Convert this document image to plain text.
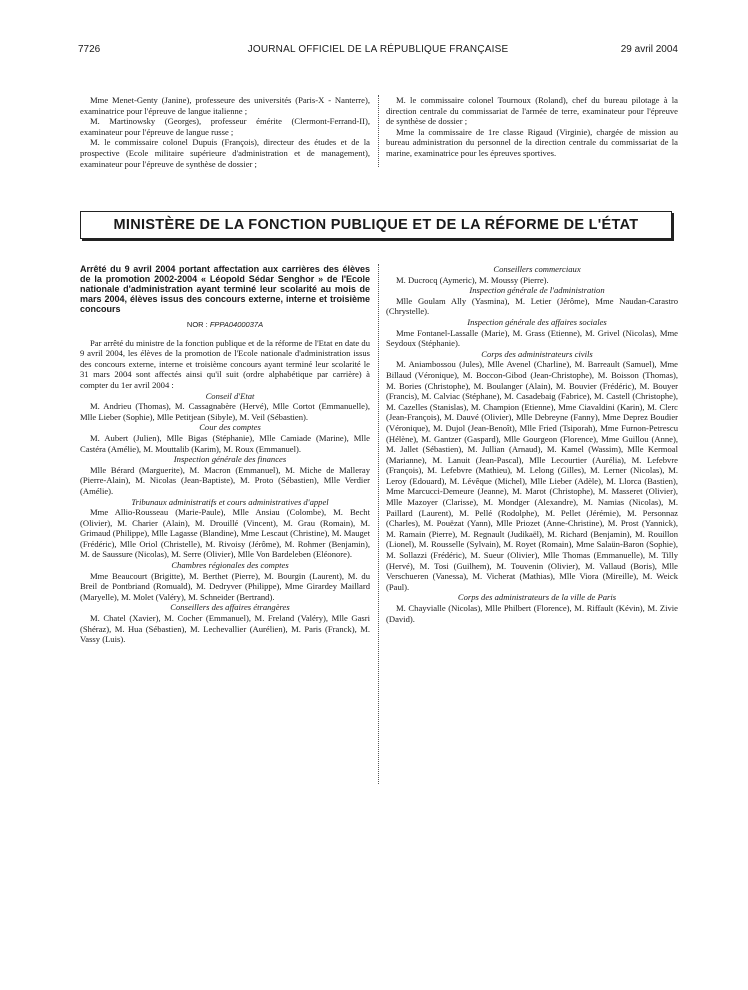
7726	JOURNAL OFFICIEL DE LA RÉPUBLIQUE FRANÇAISE	29 avril 2004

Mme Menet-Genty (Janine), professeure des universités (Paris-X - Nanterre), examinatrice pour l'épreuve de langue italienne ;

M. Martinowsky (Georges), professeur émérite (Clermont-Ferrand-II), examinateur pour l'épreuve de langue russe ;

M. le commissaire colonel Dupuis (François), directeur des études et de la prospective (Ecole militaire supérieure d'administration et de management), examinateur pour l'épreuve de synthèse de dossier ;

M. le commissaire colonel Tournoux (Roland), chef du bureau pilotage à la direction centrale du commissariat de l'armée de terre, examinateur pour l'épreuve de synthèse de dossier ;

Mme la commissaire de 1re classe Rigaud (Virginie), chargée de mission au bureau administration du personnel de la direction centrale du commissariat de la marine, examinatrice pour les épreuves sportives.

MINISTÈRE DE LA FONCTION PUBLIQUE ET DE LA RÉFORME DE L'ÉTAT
Arrêté du 9 avril 2004 portant affectation aux carrières des élèves de la promotion 2002-2004 « Léopold Sédar Senghor » de l'Ecole nationale d'administration ayant terminé leur scolarité au mois de mars 2004, élèves issus des concours externe, interne et troisième concours
NOR : FPPA0400037A

Par arrêté du ministre de la fonction publique et de la réforme de l'Etat en date du 9 avril 2004, les élèves de la promotion de l'Ecole nationale d'administration issus des concours externe, interne et troisième concours ayant terminé leur scolarité le 31 mars 2004 sont affectés ainsi qu'il suit (ordre alphabétique par carrière) à compter du 1er avril 2004 :

Conseil d'Etat

M. Andrieu (Thomas), M. Cassagnabère (Hervé), Mlle Cortot (Emmanuelle), Mlle Lieber (Sophie), Mlle Petitjean (Sibyle), M. Veil (Sébastien).

Cour des comptes

M. Aubert (Julien), Mlle Bigas (Stéphanie), Mlle Camiade (Marine), Mlle Castéra (Amélie), M. Mouttalib (Karim), M. Roux (Emmanuel).

Inspection générale des finances

Mlle Bérard (Marguerite), M. Macron (Emmanuel), M. Miche de Malleray (Pierre-Alain), M. Nicolas (Jean-Baptiste), M. Proto (Sébastien), Mlle Verdier (Amélie).

Tribunaux administratifs et cours administratives d'appel

Mme Allio-Rousseau (Marie-Paule), Mlle Ansiau (Colombe), M. Becht (Olivier), M. Charier (Alain), M. Drouillé (Vincent), M. Grau (Romain), M. Grimaud (Philippe), Mlle Lagasse (Blandine), Mme Lescaut (Christine), M. Mauget (Frédéric), Mlle Oriol (Christelle), M. Rivoisy (Jérôme), M. Rohmer (Benjamin), M. de Saussure (Nicolas), M. Serre (Olivier), Mlle Von Bardeleben (Eléonore).

Chambres régionales des comptes

Mme Beaucourt (Brigitte), M. Berthet (Pierre), M. Bourgin (Laurent), M. du Breil de Pontbriand (Romuald), M. Dedryver (Philippe), Mme Girardey Maillard (Maryelle), M. Molet (Valéry), M. Schneider (Bertrand).

Conseillers des affaires étrangères

M. Chatel (Xavier), M. Cocher (Emmanuel), M. Freland (Valéry), Mlle Gasri (Shéraz), M. Hua (Sébastien), M. Lechevallier (Aurélien), M. Paris (Franck), M. Vassy (Luis).

Conseillers commerciaux

M. Ducrocq (Aymeric), M. Moussy (Pierre).

Inspection générale de l'administration

Mlle Goulam Ally (Yasmina), M. Letier (Jérôme), Mme Naudan-Carastro (Chrystelle).

Inspection générale des affaires sociales

Mme Fontanel-Lassalle (Marie), M. Grass (Etienne), M. Grivel (Nicolas), Mme Seydoux (Stéphanie).

Corps des administrateurs civils

M. Aniambossou (Jules), Mlle Avenel (Charline), M. Barreault (Samuel), Mme Billaud (Véronique), M. Boccon-Gibod (Jean-Christophe), M. Boisson (Thomas), M. Bories (Christophe), M. Boulanger (Alain), M. Bouvier (Frédéric), M. Bouyer (Francis), M. Calviac (Stéphane), M. Casadebaig (Fabrice), M. Castell (Christophe), M. Cazelles (Stanislas), M. Champion (Etienne), Mme Ciavaldini (Karin), M. Clerc (Jean-François), M. Dauvé (Olivier), Mlle Debreyne (Fanny), Mme Deprez Boudier (Véronique), M. Dujol (Jean-Benoît), Mlle Fried (Tsiporah), Mme Furnon-Petrescu (Hélène), M. Gantzer (Gaspard), Mlle Gourgeon (Florence), Mme Guillou (Anne), M. Jallet (Sébastien), M. Jullian (Arnaud), M. Kamel (Wassim), Mlle Kermoal (Marianne), M. Lanuit (Jean-Pascal), Mlle Lecourtier (Aurélia), M. Lefebvre (François), M. Lefebvre (Mathieu), M. Lelong (Gilles), M. Lerner (Nicolas), M. Leroy (Edouard), M. Lévêque (Michel), Mlle Lieber (Adèle), M. Llorca (Bastien), Mme Marcucci-Demeure (Jeanne), M. Marot (Christophe), M. Masseret (Olivier), Mlle Mazoyer (Clarisse), M. Mondger (Alexandre), M. Namias (Nicolas), M. Paillard (Laurent), M. Pellé (Rodolphe), M. Pellet (Jérémie), M. Personnaz (Charles), M. Pouëzat (Yann), Mlle Priozet (Anne-Christine), M. Prost (Yannick), M. Ramain (Pierre), M. Regnault (Judikaël), M. Richard (Benjamin), M. Rouillon (Lionel), M. Rousselle (Sylvain), M. Royet (Romain), Mme Salaün-Baron (Sophie), M. Sollazzi (Frédéric), M. Sueur (Olivier), Mlle Thomas (Emmanuelle), M. Tilly (Hervé), M. Tosi (Guilhem), M. Touvenin (Olivier), M. Vallaud (Boris), Mlle Verschueren (Vanessa), M. Vicherat (Mathias), Mlle Viora (Mireille), M. Weick (Paul).

Corps des administrateurs de la ville de Paris

M. Chayvialle (Nicolas), Mlle Philbert (Florence), M. Riffault (Kévin), M. Zivie (David).
